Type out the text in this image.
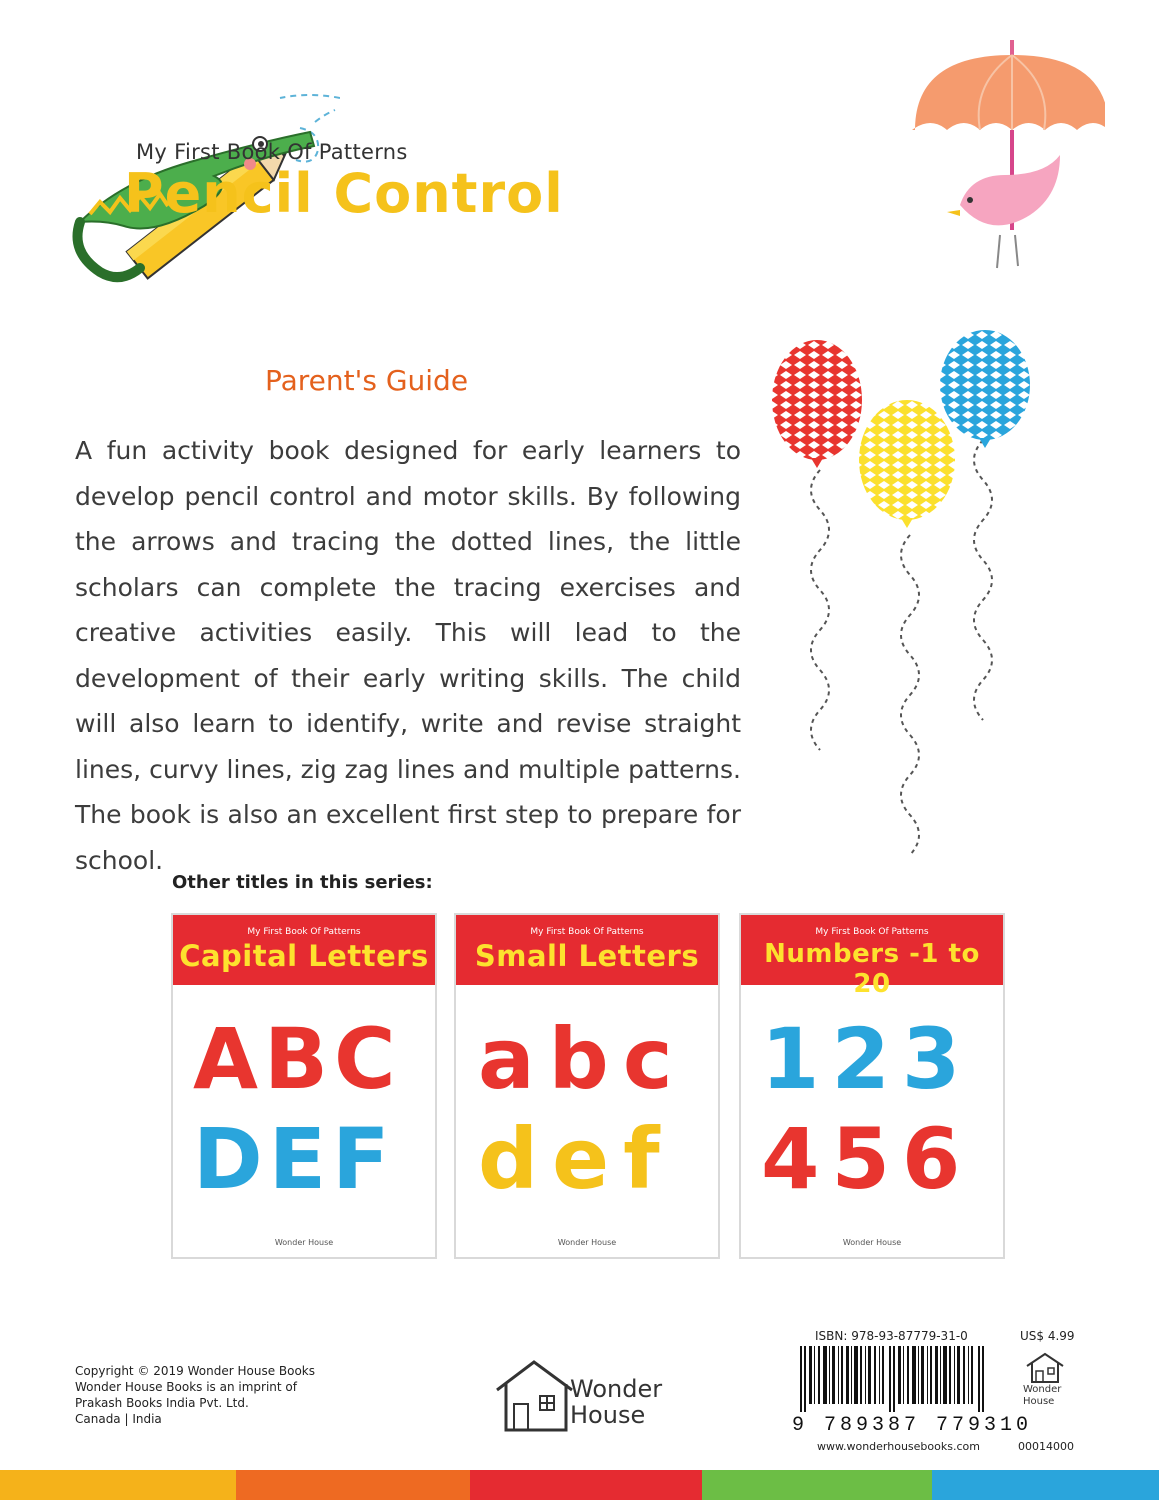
My First Book Of Patterns
Pencil Control
Parent's Guide
A fun activity book designed for early learners to develop pencil control and motor skills. By following the arrows and tracing the dotted lines, the little scholars can complete the tracing exercises and creative activities easily. This will lead to the development of their early writing skills. The child will also learn to identify, write and revise straight lines, curvy lines, zig zag lines and multiple patterns. The book is also an excellent first step to prepare for school.
Other titles in this series:
My First Book Of Patterns
Capital Letters
ABC
DEF
Wonder House
My First Book Of Patterns
Small Letters
abc
def
Wonder House
My First Book Of Patterns
Numbers -1 to 20
123
456
Wonder House
Copyright © 2019 Wonder House Books
Wonder House Books is an imprint of
Prakash Books India Pvt. Ltd.
Canada | India
Wonder
House
ISBN: 978-93-87779-31-0	US$ 4.99
9 789387 779310
www.wonderhousebooks.com	00014000
Wonder
House
